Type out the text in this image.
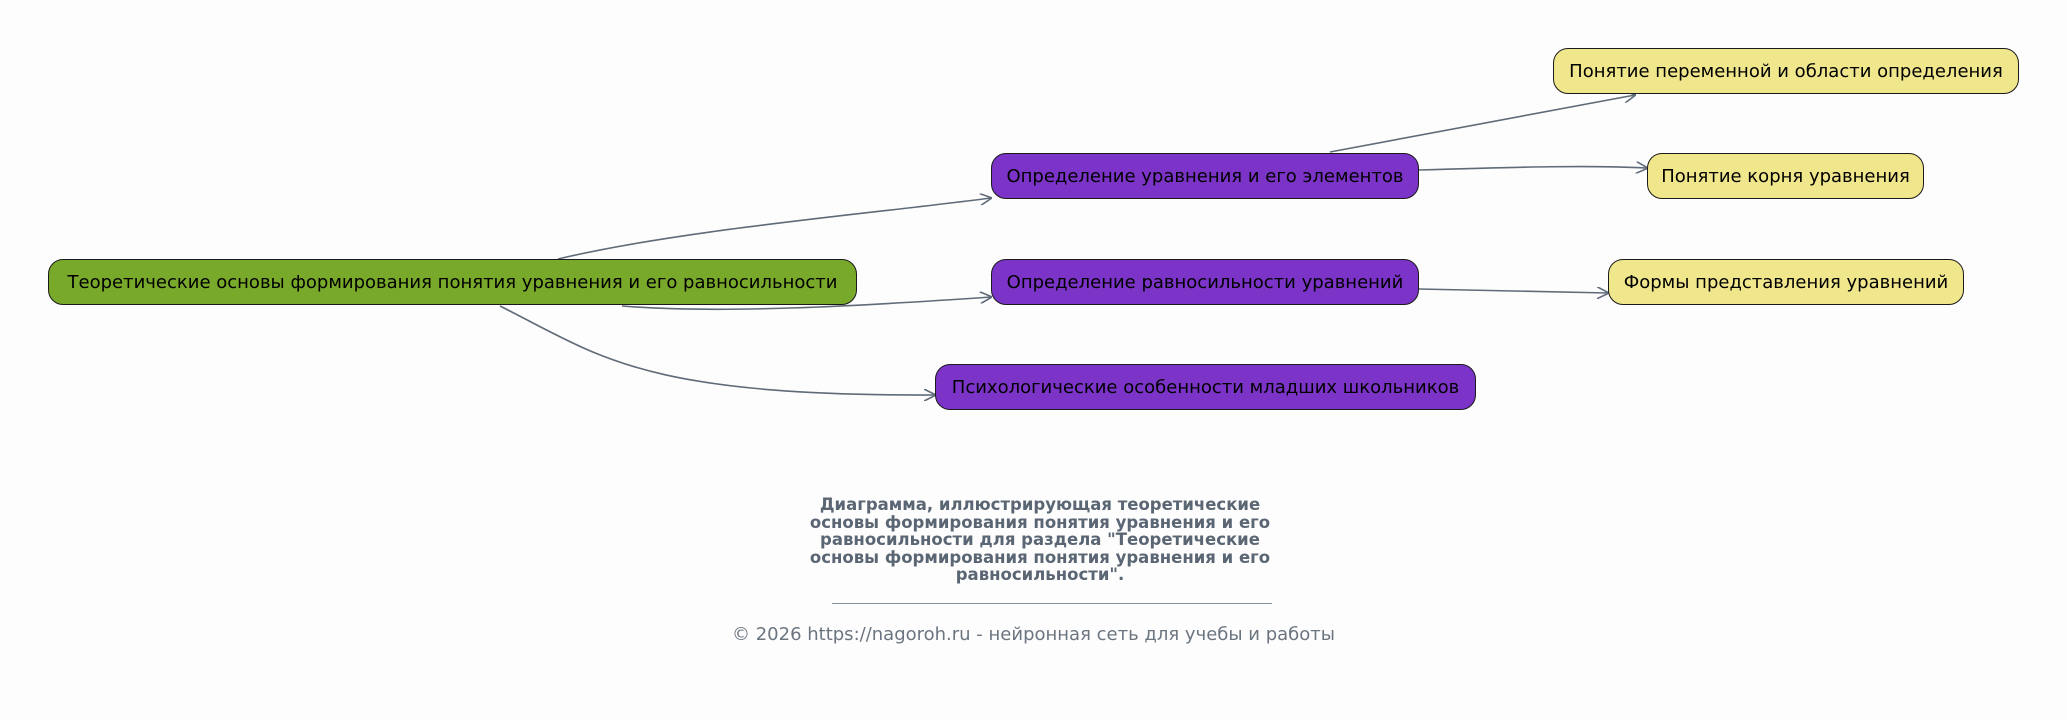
Теоретические основы формирования понятия уравнения и его равносильности
Определение уравнения и его элементов
Определение равносильности уравнений
Психологические особенности младших школьников
Понятие переменной и области определения
Понятие корня уравнения
Формы представления уравнений
Диаграмма, иллюстрирующая теоретические
основы формирования понятия уравнения и его
равносильности для раздела "Теоретические
основы формирования понятия уравнения и его
равносильности".
© 2026 https://nagoroh.ru - нейронная сеть для учебы и работы
